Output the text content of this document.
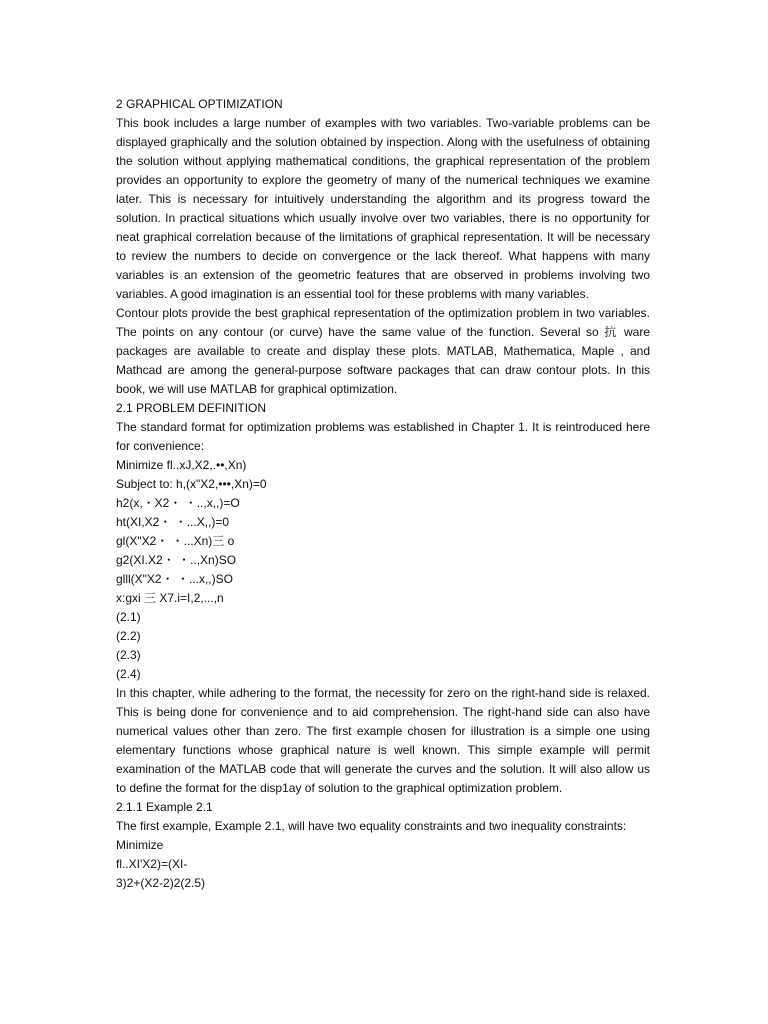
2 GRAPHICAL OPTIMIZATION

This book includes a large number of examples with two variables. Two-variable problems can be displayed graphically and the solution obtained by inspection. Along with the usefulness of obtaining the solution without applying mathematical conditions, the graphical representation of the problem provides an opportunity to explore the geometry of many of the numerical techniques we examine later. This is necessary for intuitively understanding the algorithm and its progress toward the solution. In practical situations which usually involve over two variables, there is no opportunity for neat graphical correlation because of the limitations of graphical representation. It will be necessary to review the numbers to decide on convergence or the lack thereof. What happens with many variables is an extension of the geometric features that are observed in problems involving two variables. A good imagination is an essential tool for these problems with many variables.

Contour plots provide the best graphical representation of the optimization problem in two variables. The points on any contour (or curve) have the same value of the function. Several so 抗 ware packages are available to create and display these plots. MATLAB, Mathematica, Maple , and Mathcad are among the general-purpose software packages that can draw contour plots. In this book, we will use MATLAB for graphical optimization.

2.1 PROBLEM DEFINITION

The standard format for optimization problems was established in Chapter 1. It is reintroduced here for convenience:

Minimize fl..xJ,X2,.••,Xn)

Subject to: h,(x"X2,•••,Xn)=0

h2(x,・X2・ ・..,x,,)=O

ht(XI,X2・ ・...X,,)=0

gl(X"X2・ ・...Xn)三 o

g2(XI.X2・ ・..,Xn)SO

glll(X"X2・ ・...x,,)SO

x:gxi 三 X7.i=I,2,...,n

(2.1)

(2.2)

(2.3)

(2.4)

In this chapter, while adhering to the format, the necessity for zero on the right-hand side is relaxed. This is being done for convenience and to aid comprehension. The right-hand side can also have numerical values other than zero. The first example chosen for illustration is a simple one using elementary functions whose graphical nature is well known. This simple example will permit examination of the MATLAB code that will generate the curves and the solution. It will also allow us to define the format for the disp1ay of solution to the graphical optimization problem.

2.1.1 Example 2.1

The first example, Example 2.1, will have two equality constraints and two inequality constraints:

Minimize

fl..XI'X2)=(XI-

3)2+(X2-2)2(2.5)
